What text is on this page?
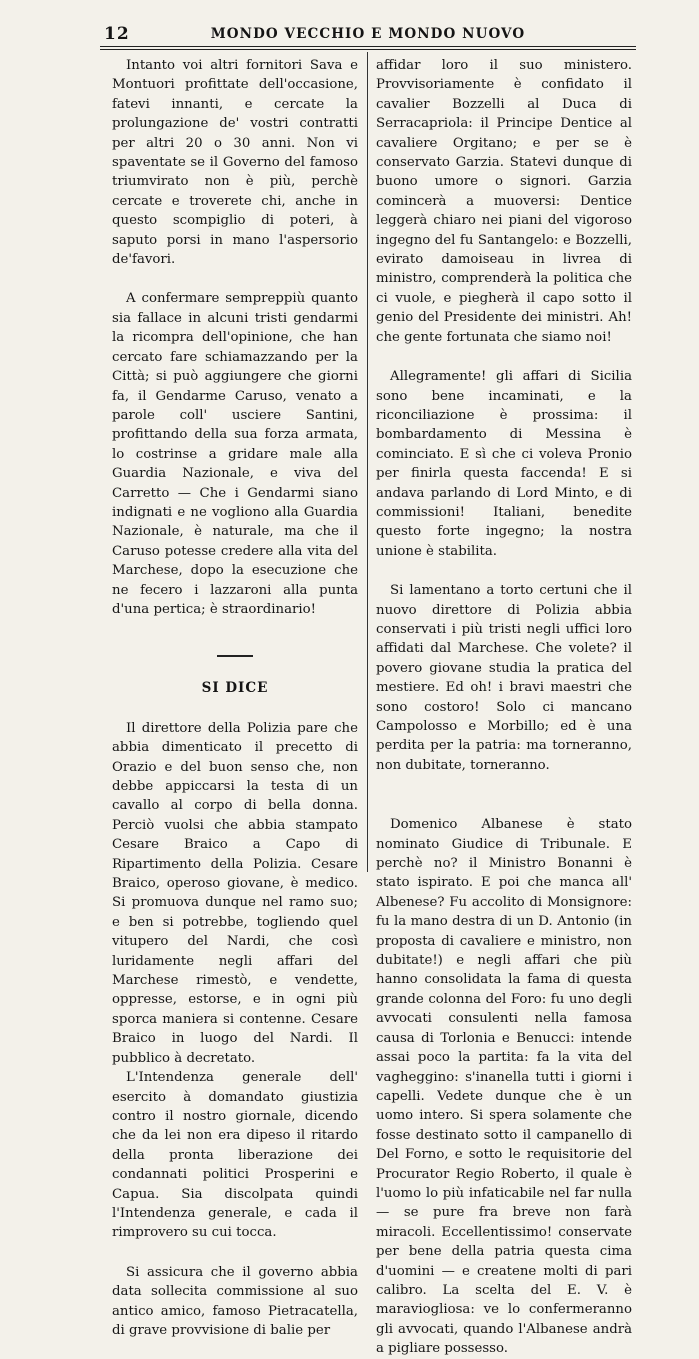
12	MONDO VECCHIO E MONDO NUOVO

Intanto voi altri fornitori Sava e Montuori profittate dell'occasione, fatevi innanti, e cercate la prolungazione de' vostri contratti per altri 20 o 30 anni. Non vi spaventate se il Governo del famoso triumvirato non è più, perchè cercate e troverete chi, anche in questo scompiglio di poteri, à saputo porsi in mano l'aspersorio de'favori.

A confermare sempreppiù quanto sia fallace in alcuni tristi gendarmi la ricompra dell'opinione, che han cercato fare schiamazzando per la Città; si può aggiungere che giorni fa, il Gendarme Caruso, venato a parole coll' usciere Santini, profittando della sua forza armata, lo costrinse a gridare male alla Guardia Nazionale, e viva del Carretto — Che i Gendarmi siano indignati e ne vogliono alla Guardia Nazionale, è naturale, ma che il Caruso potesse credere alla vita del Marchese, dopo la esecuzione che ne fecero i lazzaroni alla punta d'una pertica; è straordinario!

SI DICE

Il direttore della Polizia pare che abbia dimenticato il precetto di Orazio e del buon senso che, non debbe appiccarsi la testa di un cavallo al corpo di bella donna. Perciò vuolsi che abbia stampato Cesare Braico a Capo di Ripartimento della Polizia. Cesare Braico, operoso giovane, è medico. Si promuova dunque nel ramo suo; e ben si potrebbe, togliendo quel vitupero del Nardi, che così luridamente negli affari del Marchese rimestò, e vendette, oppresse, estorse, e in ogni più sporca maniera si contenne. Cesare Braico in luogo del Nardi. Il pubblico à decretato.

L'Intendenza generale dell' esercito à domandato giustizia contro il nostro giornale, dicendo che da lei non era dipeso il ritardo della pronta liberazione dei condannati politici Prosperini e Capua. Sia discolpata quindi l'Intendenza generale, e cada il rimprovero su cui tocca.

Si assicura che il governo abbia data sollecita commissione al suo antico amico, famoso Pietracatella, di grave provvisione di balie per

affidar loro il suo ministero. Provvisoriamente è confidato il cavalier Bozzelli al Duca di Serracapriola: il Principe Dentice al cavaliere Orgitano; e per se è conservato Garzia. Statevi dunque di buono umore o signori. Garzia comincerà a muoversi: Dentice leggerà chiaro nei piani del vigoroso ingegno del fu Santangelo: e Bozzelli, evirato damoiseau in livrea di ministro, comprenderà la politica che ci vuole, e piegherà il capo sotto il genio del Presidente dei ministri. Ah! che gente fortunata che siamo noi!

Allegramente! gli affari di Sicilia sono bene incaminati, e la riconciliazione è prossima: il bombardamento di Messina è cominciato. E sì che ci voleva Pronio per finirla questa faccenda! E si andava parlando di Lord Minto, e di commissioni! Italiani, benedite questo forte ingegno; la nostra unione è stabilita.

Si lamentano a torto certuni che il nuovo direttore di Polizia abbia conservati i più tristi negli uffici loro affidati dal Marchese. Che volete? il povero giovane studia la pratica del mestiere. Ed oh! i bravi maestri che sono costoro! Solo ci mancano Campolosso e Morbillo; ed è una perdita per la patria: ma torneranno, non dubitate, torneranno.

Domenico Albanese è stato nominato Giudice di Tribunale. E perchè no? il Ministro Bonanni è stato ispirato. E poi che manca all' Albenese? Fu accolito di Monsignore: fu la mano destra di un D. Antonio (in proposta di cavaliere e ministro, non dubitate!) e negli affari che più hanno consolidata la fama di questa grande colonna del Foro: fu uno degli avvocati consulenti nella famosa causa di Torlonia e Benucci: intende assai poco la partita: fa la vita del vagheggino: s'inanella tutti i giorni i capelli. Vedete dunque che è un uomo intero. Si spera solamente che fosse destinato sotto il campanello di Del Forno, e sotto le requisitorie del Procurator Regio Roberto, il quale è l'uomo lo più infaticabile nel far nulla — se pure fra breve non farà miracoli. Eccellentissimo! conservate per bene della patria questa cima d'uomini — e createne molti di pari calibro. La scelta del E. V. è maraviogliosa: ve lo confermeranno gli avvocati, quando l'Albanese andrà a pigliare possesso.
